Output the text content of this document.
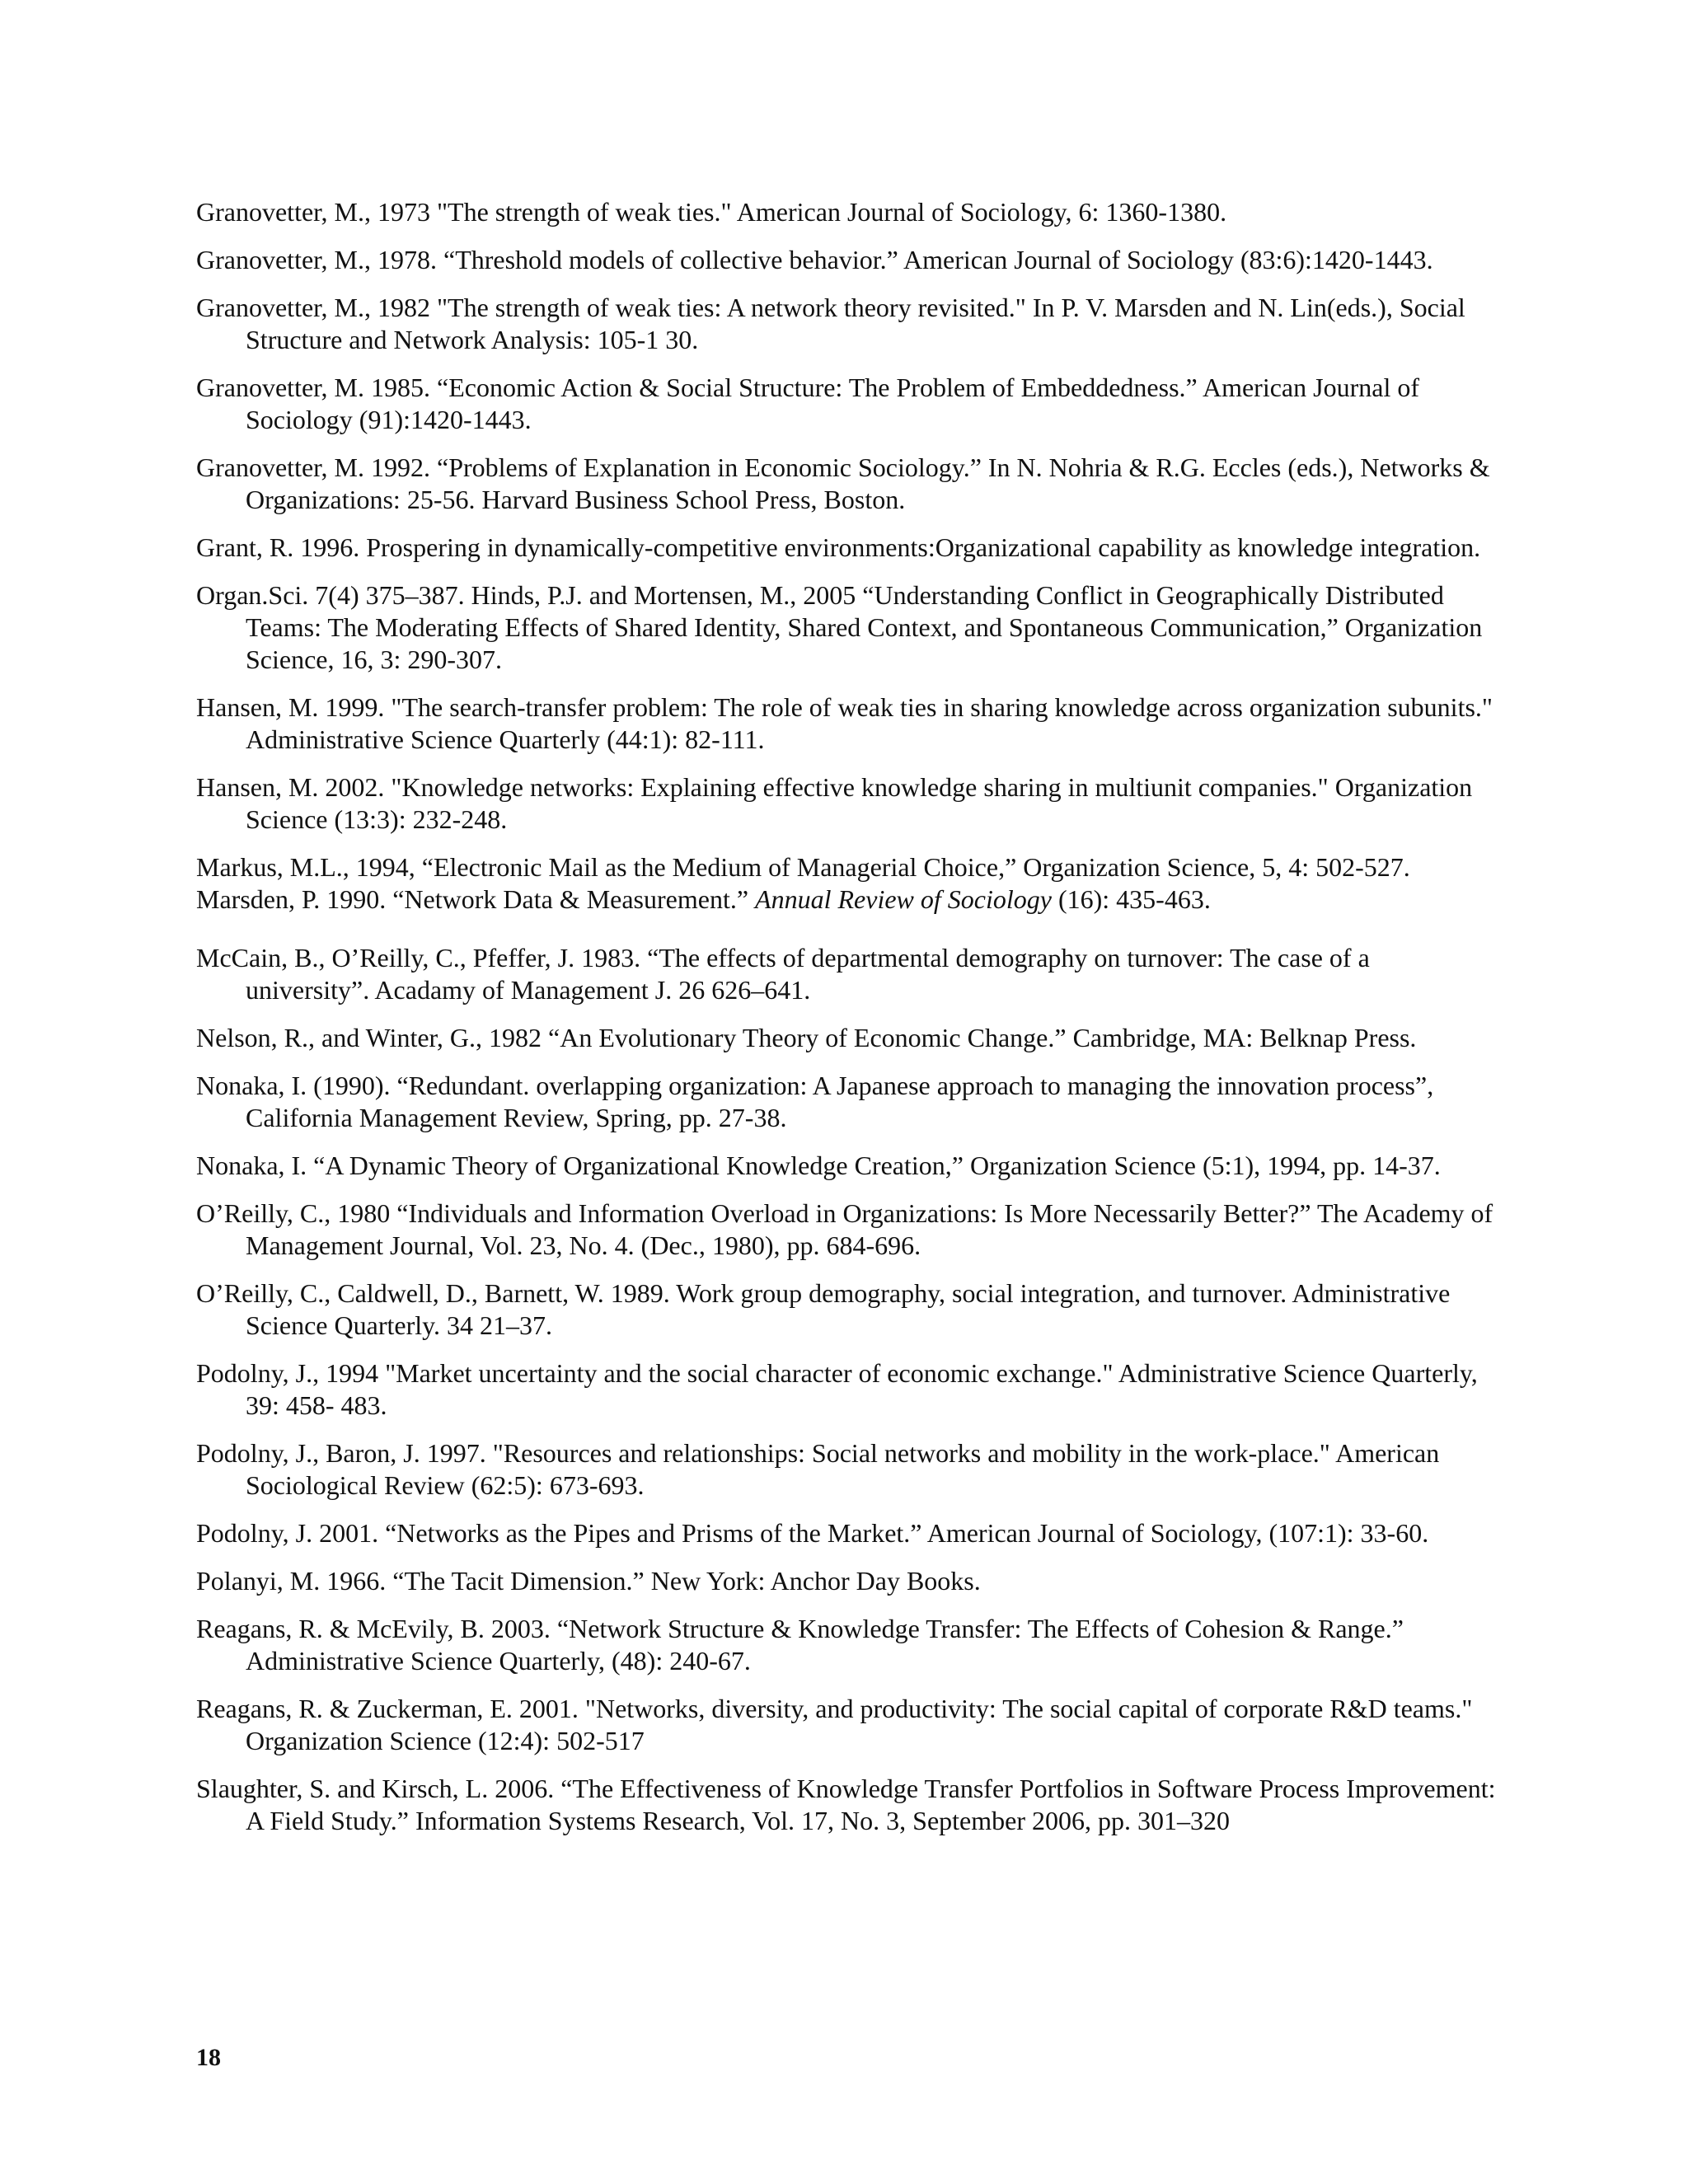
Granovetter, M., 1973 "The strength of weak ties." American Journal of Sociology, 6: 1360-1380.

Granovetter, M., 1978. “Threshold models of collective behavior.” American Journal of Sociology (83:6):1420-1443.

Granovetter, M., 1982 "The strength of weak ties: A network theory revisited." In P. V. Marsden and N. Lin(eds.), Social Structure and Network Analysis: 105-1 30.

Granovetter, M. 1985. “Economic Action & Social Structure: The Problem of Embeddedness.” American Journal of Sociology (91):1420-1443.

Granovetter, M. 1992. “Problems of Explanation in Economic Sociology.” In N. Nohria & R.G. Eccles (eds.), Networks & Organizations: 25-56. Harvard Business School Press, Boston.

Grant, R. 1996. Prospering in dynamically-competitive environments:Organizational capability as knowledge integration.

Organ.Sci. 7(4) 375–387. Hinds, P.J. and Mortensen, M., 2005 “Understanding Conflict in Geographically Distributed Teams: The Moderating Effects of Shared Identity, Shared Context, and Spontaneous Communication,” Organization Science, 16, 3: 290-307.

Hansen, M. 1999. "The search-transfer problem: The role of weak ties in sharing knowledge across organization subunits." Administrative Science Quarterly (44:1): 82-111.

Hansen, M. 2002. "Knowledge networks: Explaining effective knowledge sharing in multiunit companies." Organization Science (13:3): 232-248.

Markus, M.L., 1994, “Electronic Mail as the Medium of Managerial Choice,” Organization Science, 5, 4: 502-527.

Marsden, P. 1990. “Network Data & Measurement.” Annual Review of Sociology (16): 435-463.

McCain, B., O’Reilly, C., Pfeffer, J. 1983. “The effects of departmental demography on turnover: The case of a university”. Acadamy of Management J. 26 626–641.

Nelson, R., and Winter, G., 1982 “An Evolutionary Theory of Economic Change.” Cambridge, MA: Belknap Press.

Nonaka, I. (1990). “Redundant. overlapping organization: A Japanese approach to managing the innovation process”, California Management Review, Spring, pp. 27-38.

Nonaka, I. “A Dynamic Theory of Organizational Knowledge Creation,” Organization Science (5:1), 1994, pp. 14-37.

O’Reilly, C., 1980 “Individuals and Information Overload in Organizations: Is More Necessarily Better?” The Academy of Management Journal, Vol. 23, No. 4. (Dec., 1980), pp. 684-696.

O’Reilly, C., Caldwell, D., Barnett, W. 1989. Work group demography, social integration, and turnover. Administrative Science Quarterly. 34 21–37.

Podolny, J., 1994 "Market uncertainty and the social character of economic exchange." Administrative Science Quarterly, 39: 458- 483.

Podolny, J., Baron, J. 1997. "Resources and relationships: Social networks and mobility in the work-place." American Sociological Review (62:5): 673-693.

Podolny, J. 2001. “Networks as the Pipes and Prisms of the Market.” American Journal of Sociology, (107:1): 33-60.

Polanyi, M. 1966. “The Tacit Dimension.” New York: Anchor Day Books.

Reagans, R. & McEvily, B. 2003. “Network Structure & Knowledge Transfer: The Effects of Cohesion & Range.” Administrative Science Quarterly, (48): 240-67.

Reagans, R. & Zuckerman, E. 2001. "Networks, diversity, and productivity: The social capital of corporate R&D teams." Organization Science (12:4): 502-517

Slaughter, S. and Kirsch, L. 2006. “The Effectiveness of Knowledge Transfer Portfolios in Software Process Improvement: A Field Study.” Information Systems Research, Vol. 17, No. 3, September 2006, pp. 301–320

18
